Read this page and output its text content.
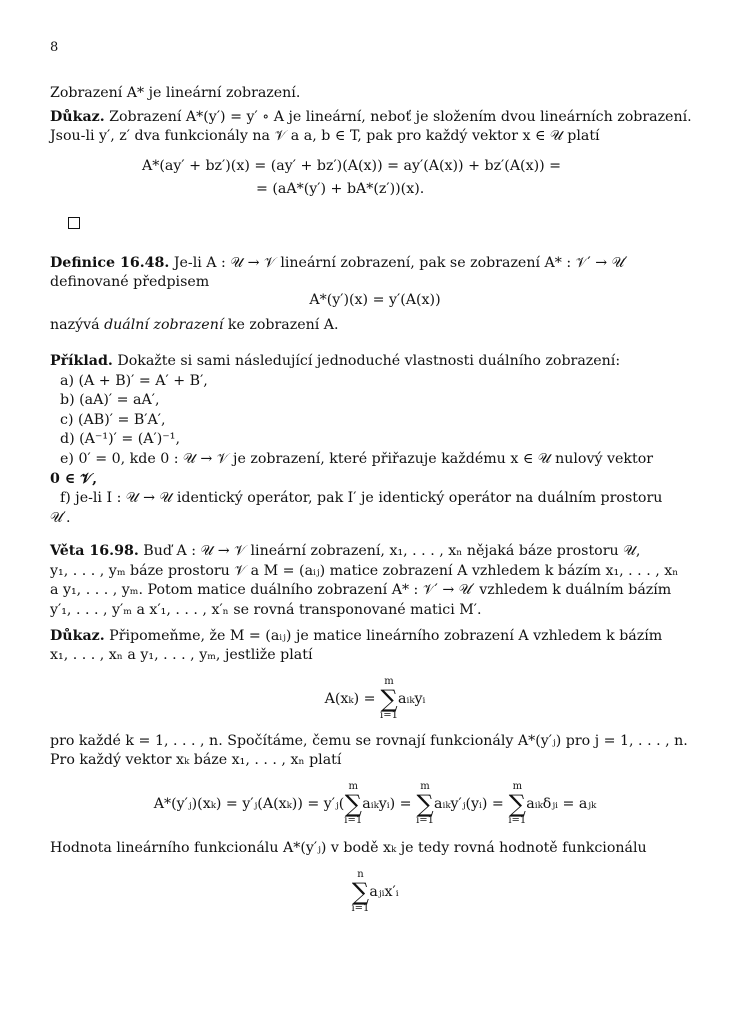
8

Zobrazení A* je lineární zobrazení.

Důkaz. Zobrazení A*(y′) = y′ ∘ A je lineární, neboť je složením dvou lineárních zobrazení.

Jsou-li y′, z′ dva funkcionály na 𝒱 a a, b ∈ T, pak pro každý vektor x ∈ 𝒰 platí

A*(ay′ + bz′)(x) = (ay′ + bz′)(A(x)) = ay′(A(x)) + bz′(A(x)) =
= (aA*(y′) + bA*(z′))(x).

Definice 16.48. Je-li A : 𝒰 → 𝒱 lineární zobrazení, pak se zobrazení A* : 𝒱′ → 𝒰′

definované předpisem

A*(y′)(x) = y′(A(x))

nazývá duální zobrazení ke zobrazení A.

Příklad. Dokažte si sami následující jednoduché vlastnosti duálního zobrazení:

a) (A + B)′ = A′ + B′,

b) (aA)′ = aA′,

c) (AB)′ = B′A′,

d) (A⁻¹)′ = (A′)⁻¹,

e) 0′ = 0, kde 0 : 𝒰 → 𝒱 je zobrazení, které přiřazuje každému x ∈ 𝒰 nulový vektor

0 ∈ 𝒱,

f) je-li I : 𝒰 → 𝒰 identický operátor, pak I′ je identický operátor na duálním prostoru

𝒰′.

Věta 16.98. Buď A : 𝒰 → 𝒱 lineární zobrazení, x₁, . . . , xₙ nějaká báze prostoru 𝒰,

y₁, . . . , yₘ báze prostoru 𝒱 a M = (aᵢⱼ) matice zobrazení A vzhledem k bázím x₁, . . . , xₙ

a y₁, . . . , yₘ. Potom matice duálního zobrazení A* : 𝒱′ → 𝒰′ vzhledem k duálním bázím

y′₁, . . . , y′ₘ a x′₁, . . . , x′ₙ se rovná transponované matici M′.

Důkaz. Připomeňme, že M = (aᵢⱼ) je matice lineárního zobrazení A vzhledem k bázím

x₁, . . . , xₙ a y₁, . . . , yₘ, jestliže platí

A(xₖ) =
m
∑
i=1
aᵢₖyᵢ

pro každé k = 1, . . . , n. Spočítáme, čemu se rovnají funkcionály A*(y′ⱼ) pro j = 1, . . . , n.

Pro každý vektor xₖ báze x₁, . . . , xₙ platí

A*(y′ⱼ)(xₖ) = y′ⱼ(A(xₖ)) = y′ⱼ(
m
∑
i=1
aᵢₖyᵢ) =
m
∑
i=1
aᵢₖy′ⱼ(yᵢ) =
m
∑
i=1
aᵢₖδⱼᵢ = aⱼₖ

Hodnota lineárního funkcionálu A*(y′ⱼ) v bodě xₖ je tedy rovná hodnotě funkcionálu

n
∑
i=1
aⱼᵢx′ᵢ
